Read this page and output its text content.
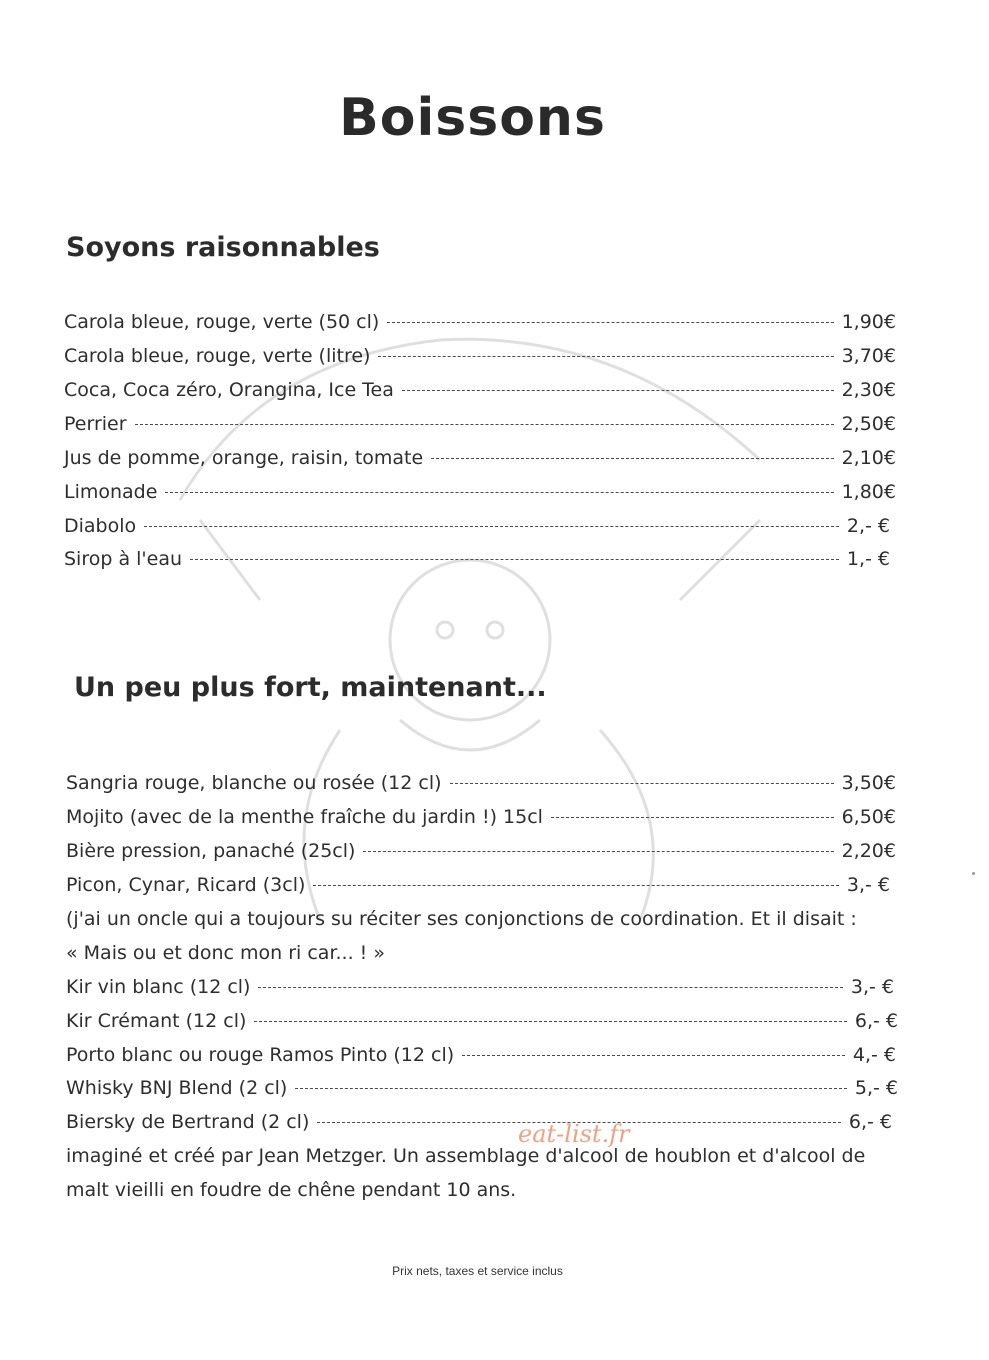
Boissons
Soyons raisonnables
Un peu plus fort, maintenant...
Carola bleue, rouge, verte (50 cl)	1,90€
Carola bleue, rouge, verte (litre)	3,70€
Coca, Coca zéro, Orangina, Ice Tea	2,30€
Perrier	2,50€
Jus de pomme, orange, raisin, tomate	2,10€
Limonade	1,80€
Diabolo	2,- €
Sirop à l'eau	1,- €
Sangria rouge, blanche ou rosée (12 cl)	3,50€
Mojito (avec de la menthe fraîche du jardin !) 15cl	6,50€
Bière pression, panaché (25cl)	2,20€
Picon, Cynar, Ricard (3cl)	3,- €
(j'ai un oncle qui a toujours su réciter ses conjonctions de coordination. Et il disait :
« Mais ou et donc mon ri car... ! »
Kir vin blanc (12 cl)	3,- €
Kir Crémant (12 cl)	6,- €
Porto blanc ou rouge Ramos Pinto (12 cl)	4,- €
Whisky BNJ Blend (2 cl)	5,- €
Biersky de Bertrand (2 cl)	6,- €
imaginé et créé par Jean Metzger. Un assemblage d'alcool de houblon et d'alcool de
malt vieilli en foudre de chêne pendant 10 ans.
eat-list.fr
Prix nets, taxes et service inclus
